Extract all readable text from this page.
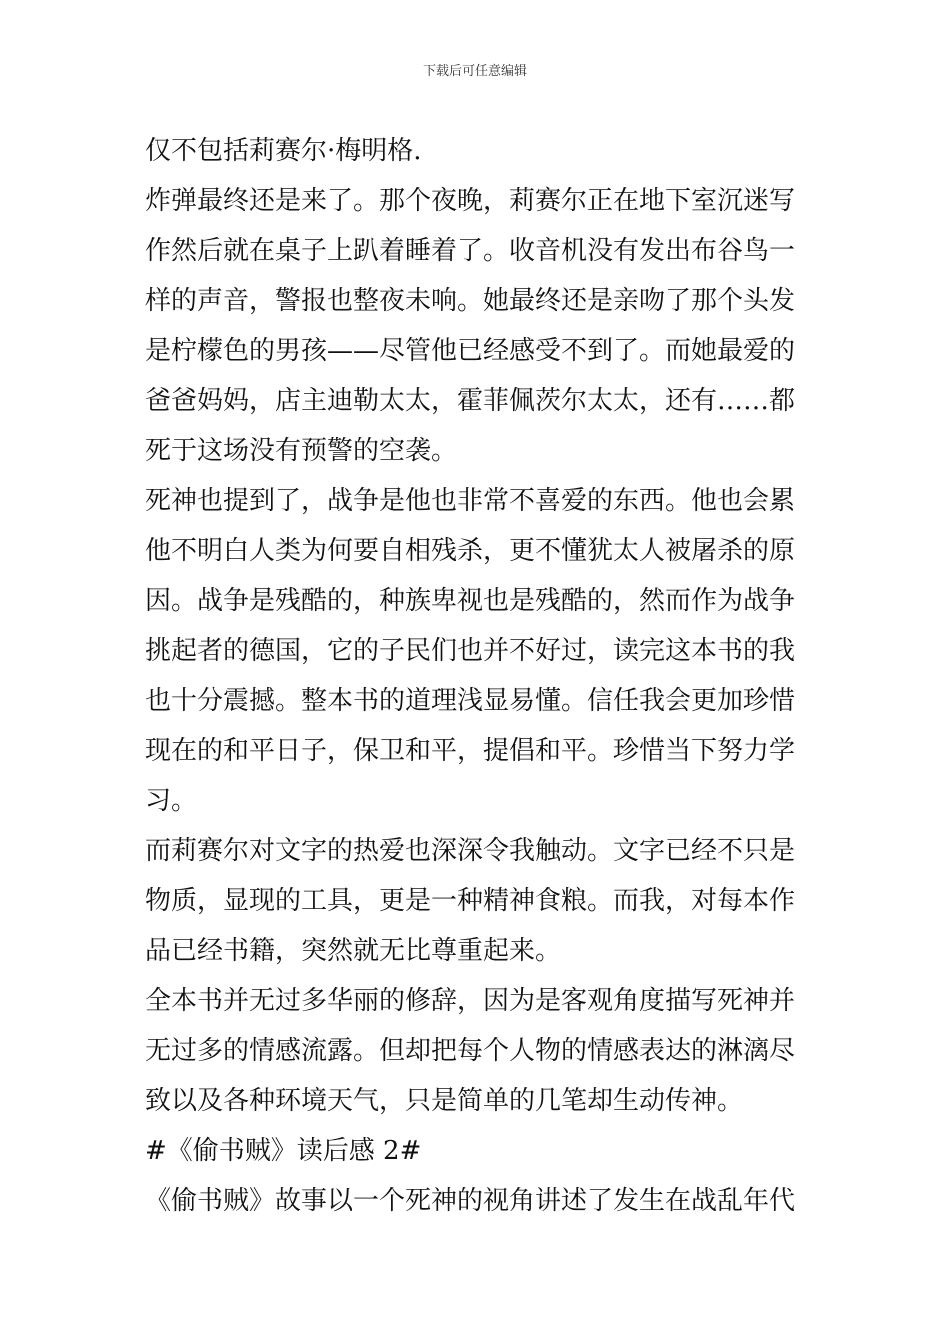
下载后可任意编辑
仅不包括莉赛尔·梅明格.
炸弹最终还是来了。那个夜晚，莉赛尔正在地下室沉迷写
作然后就在桌子上趴着睡着了。收音机没有发出布谷鸟一
样的声音，警报也整夜未响。她最终还是亲吻了那个头发
是柠檬色的男孩——尽管他已经感受不到了。而她最爱的
爸爸妈妈，店主迪勒太太，霍菲佩茨尔太太，还有……都
死于这场没有预警的空袭。
死神也提到了，战争是他也非常不喜爱的东西。他也会累
他不明白人类为何要自相残杀，更不懂犹太人被屠杀的原
因。战争是残酷的，种族卑视也是残酷的，然而作为战争
挑起者的德国，它的子民们也并不好过，读完这本书的我
也十分震撼。整本书的道理浅显易懂。信任我会更加珍惜
现在的和平日子，保卫和平，提倡和平。珍惜当下努力学
习。
而莉赛尔对文字的热爱也深深令我触动。文字已经不只是
物质，显现的工具，更是一种精神食粮。而我，对每本作
品已经书籍，突然就无比尊重起来。
全本书并无过多华丽的修辞，因为是客观角度描写死神并
无过多的情感流露。但却把每个人物的情感表达的淋漓尽
致以及各种环境天气，只是简单的几笔却生动传神。
#《偷书贼》读后感 2#
《偷书贼》故事以一个死神的视角讲述了发生在战乱年代
